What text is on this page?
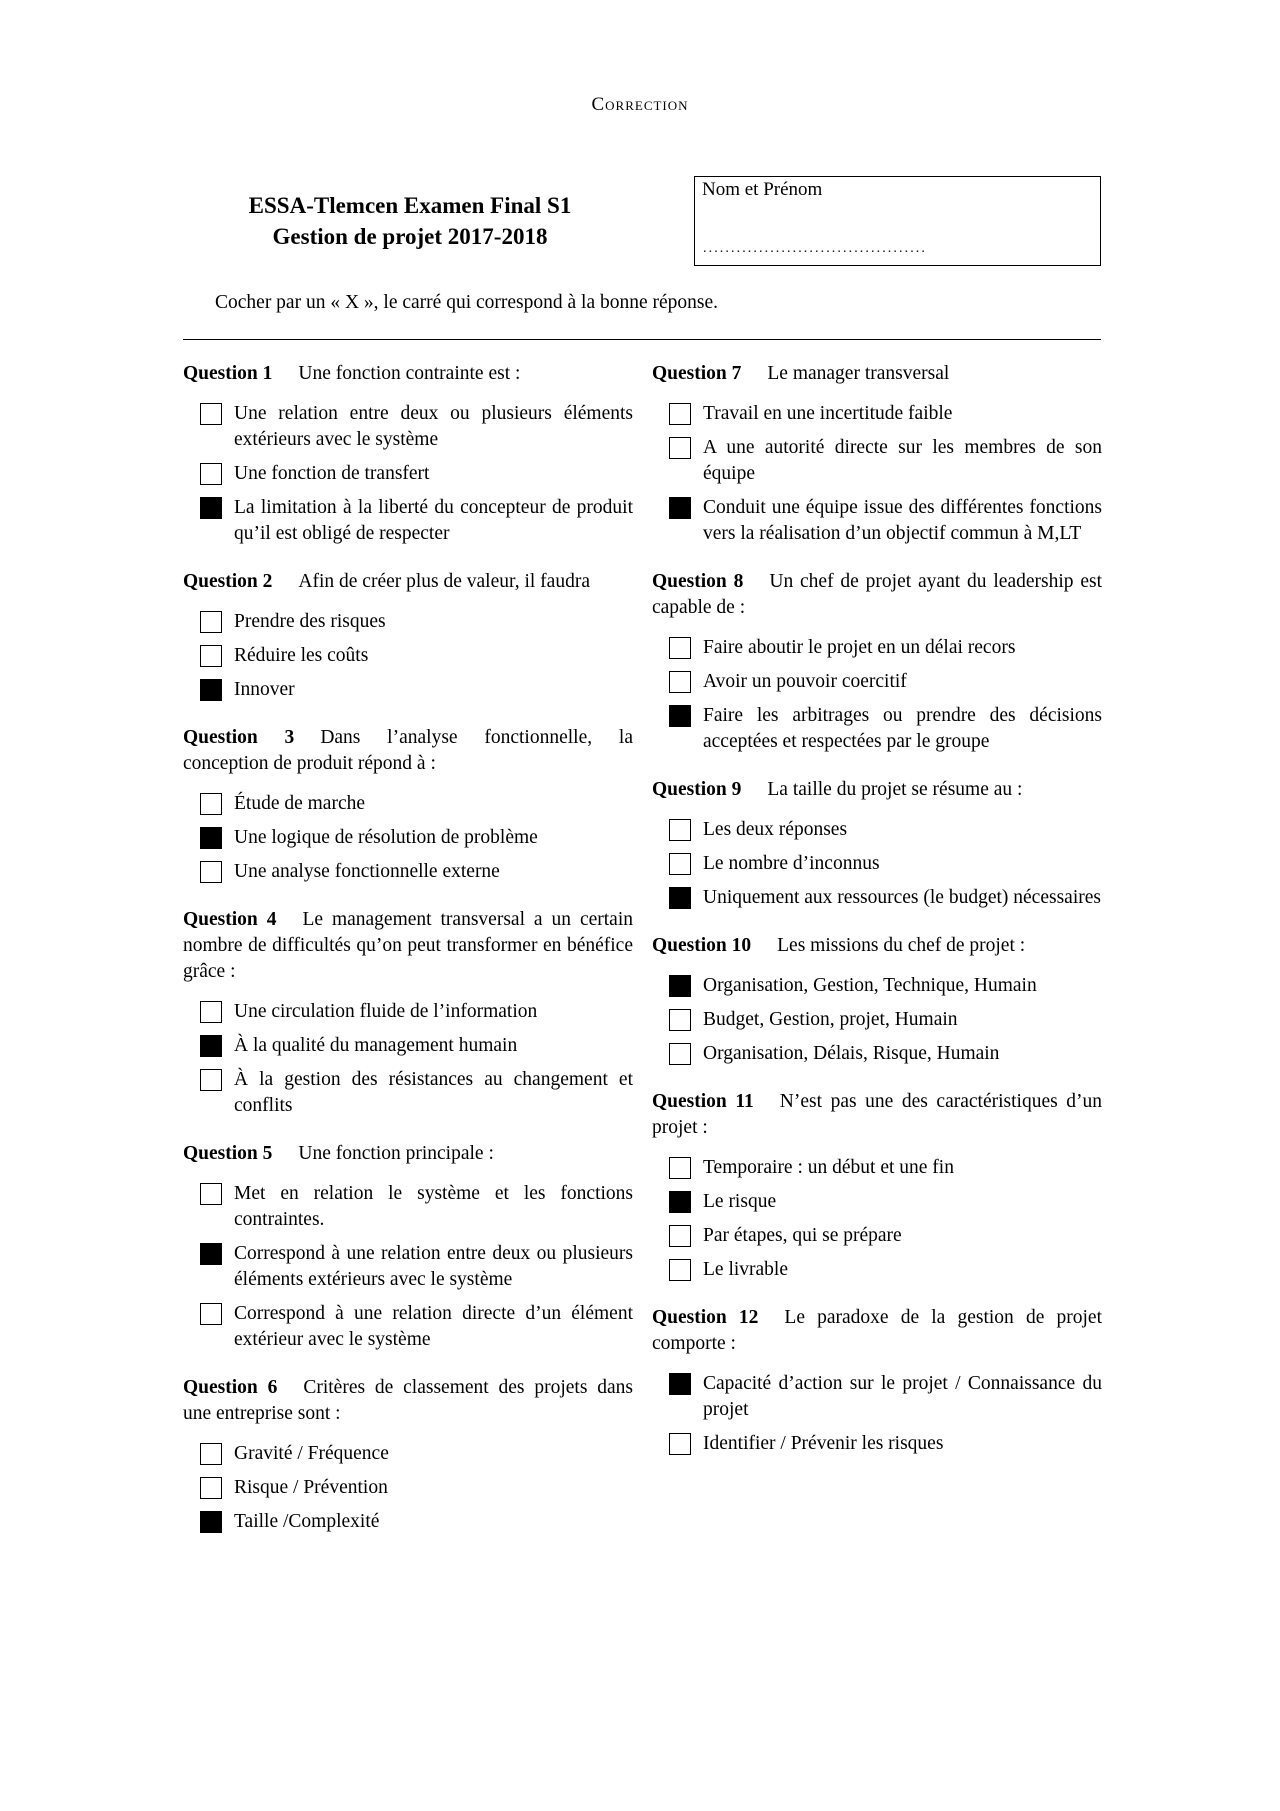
Correction
ESSA-Tlemcen Examen Final S1
Gestion de projet 2017-2018
Nom et Prénom
........................................
Cocher par un « X », le carré qui correspond à la bonne réponse.
Question 1 Une fonction contrainte est :
Une relation entre deux ou plusieurs éléments extérieurs avec le système
Une fonction de transfert
La limitation à la liberté du concepteur de produit qu’il est obligé de respecter
Question 2 Afin de créer plus de valeur, il faudra
Prendre des risques
Réduire les coûts
Innover
Question 3 Dans l’analyse fonctionnelle, la conception de produit répond à :
Étude de marche
Une logique de résolution de problème
Une analyse fonctionnelle externe
Question 4 Le management transversal a un certain nombre de difficultés qu’on peut transformer en bénéfice grâce :
Une circulation fluide de l’information
À la qualité du management humain
À la gestion des résistances au changement et conflits
Question 5 Une fonction principale :
Met en relation le système et les fonctions contraintes.
Correspond à une relation entre deux ou plusieurs éléments extérieurs avec le système
Correspond à une relation directe d’un élément extérieur avec le système
Question 6 Critères de classement des projets dans une entreprise sont :
Gravité / Fréquence
Risque / Prévention
Taille /Complexité
Question 7 Le manager transversal
Travail en une incertitude faible
A une autorité directe sur les membres de son équipe
Conduit une équipe issue des différentes fonctions vers la réalisation d’un objectif commun à M,LT
Question 8 Un chef de projet ayant du leadership est capable de :
Faire aboutir le projet en un délai recors
Avoir un pouvoir coercitif
Faire les arbitrages ou prendre des décisions acceptées et respectées par le groupe
Question 9 La taille du projet se résume au :
Les deux réponses
Le nombre d’inconnus
Uniquement aux ressources (le budget) nécessaires
Question 10 Les missions du chef de projet :
Organisation, Gestion, Technique, Humain
Budget, Gestion, projet, Humain
Organisation, Délais, Risque, Humain
Question 11 N’est pas une des caractéristiques d’un projet :
Temporaire : un début et une fin
Le risque
Par étapes, qui se prépare
Le livrable
Question 12 Le paradoxe de la gestion de projet comporte :
Capacité d’action sur le projet / Connaissance du projet
Identifier / Prévenir les risques
